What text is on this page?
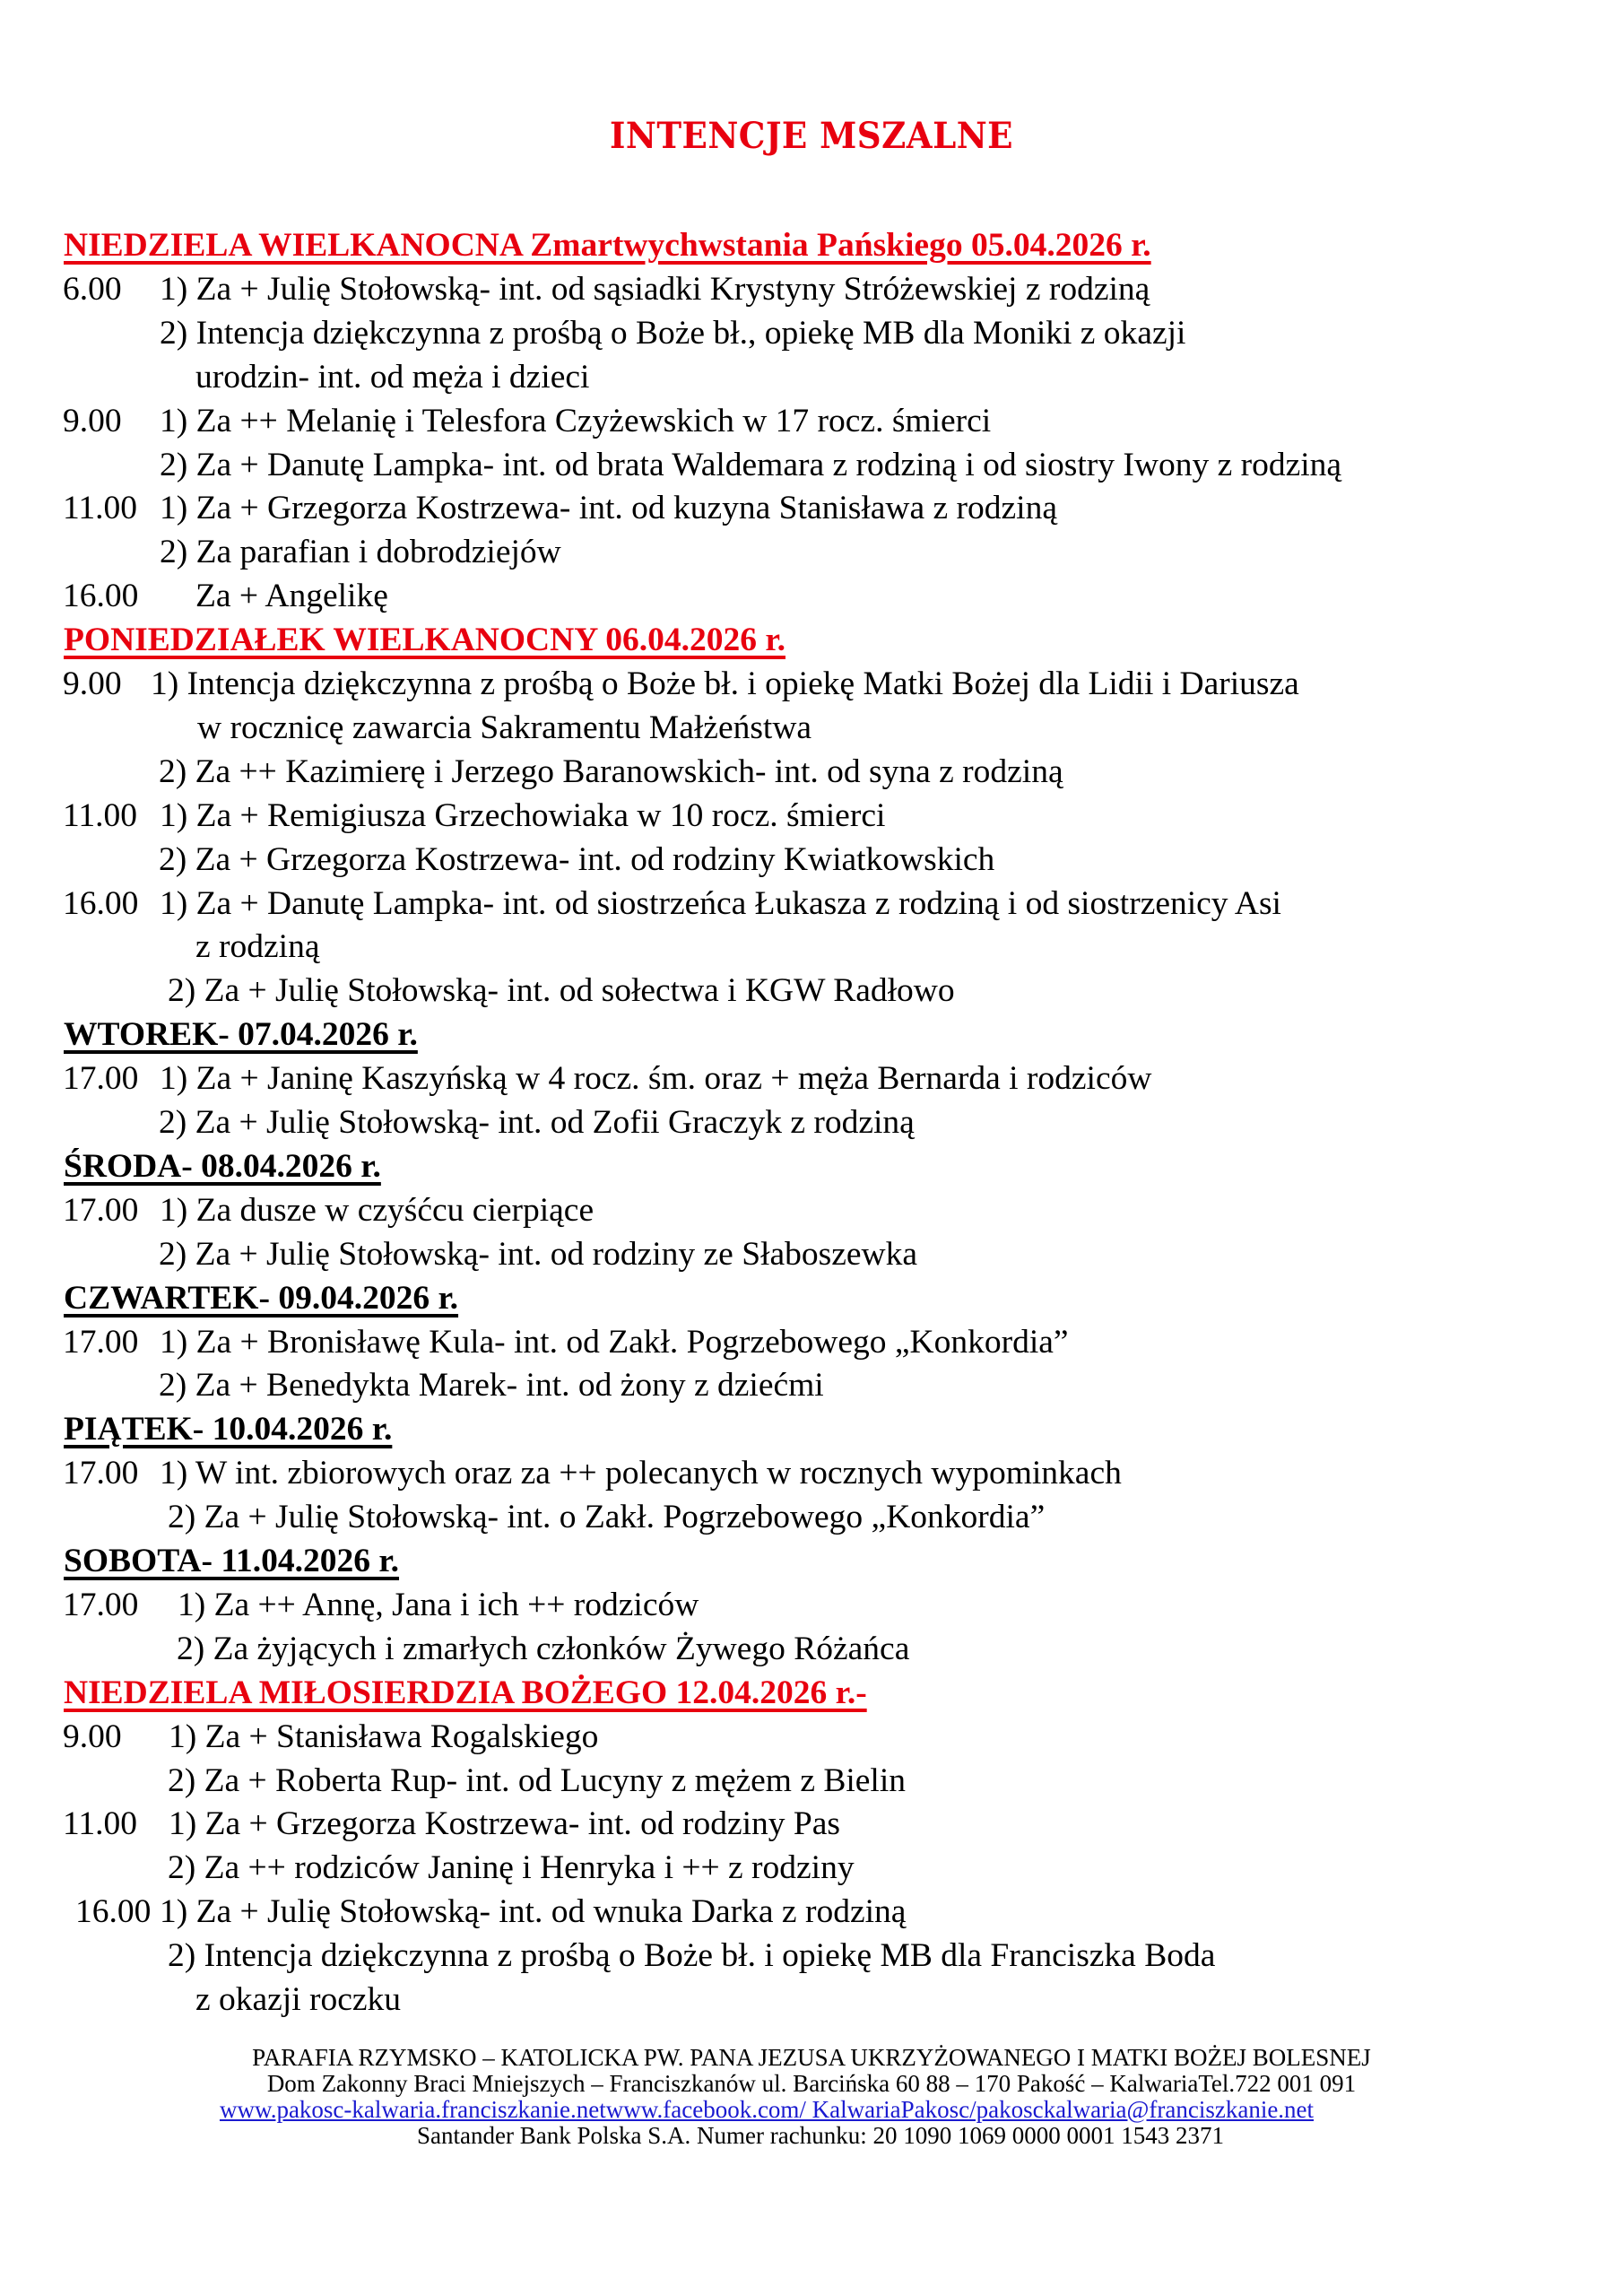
INTENCJE MSZALNE
NIEDZIELA WIELKANOCNA Zmartwychwstania Pańskiego 05.04.2026 r.
6.00 1) Za + Julię Stołowską- int. od sąsiadki Krystyny Stróżewskiej z rodziną
2) Intencja dziękczynna z prośbą o Boże bł., opiekę MB dla Moniki z okazji
urodzin- int. od męża i dzieci
9.00 1) Za ++ Melanię i Telesfora Czyżewskich w 17 rocz. śmierci
2) Za + Danutę Lampka- int. od brata Waldemara z rodziną i od siostry Iwony z rodziną
11.00 1) Za + Grzegorza Kostrzewa- int. od kuzyna Stanisława z rodziną
2) Za parafian i dobrodziejów
16.00 Za + Angelikę
PONIEDZIAŁEK WIELKANOCNY 06.04.2026 r.
9.00 1) Intencja dziękczynna z prośbą o Boże bł. i opiekę Matki Bożej dla Lidii i Dariusza
w rocznicę zawarcia Sakramentu Małżeństwa
2) Za ++ Kazimierę i Jerzego Baranowskich- int. od syna z rodziną
11.00 1) Za + Remigiusza Grzechowiaka w 10 rocz. śmierci
2) Za + Grzegorza Kostrzewa- int. od rodziny Kwiatkowskich
16.00 1) Za + Danutę Lampka- int. od siostrzeńca Łukasza z rodziną i od siostrzenicy Asi
z rodziną
2) Za + Julię Stołowską- int. od sołectwa i KGW Radłowo
WTOREK- 07.04.2026 r.
17.00 1) Za + Janinę Kaszyńską w 4 rocz. śm. oraz + męża Bernarda i rodziców
2) Za + Julię Stołowską- int. od Zofii Graczyk z rodziną
ŚRODA- 08.04.2026 r.
17.00 1) Za dusze w czyśćcu cierpiące
2) Za + Julię Stołowską- int. od rodziny ze Słaboszewka
CZWARTEK- 09.04.2026 r.
17.00 1) Za + Bronisławę Kula- int. od Zakł. Pogrzebowego „Konkordia”
2) Za + Benedykta Marek- int. od żony z dziećmi
PIĄTEK- 10.04.2026 r.
17.00 1) W int. zbiorowych oraz za ++ polecanych w rocznych wypominkach
2) Za + Julię Stołowską- int. o Zakł. Pogrzebowego „Konkordia”
SOBOTA- 11.04.2026 r.
17.00 1) Za ++ Annę, Jana i ich ++ rodziców
2) Za żyjących i zmarłych członków Żywego Różańca
NIEDZIELA MIŁOSIERDZIA BOŻEGO 12.04.2026 r.-
9.00 1) Za + Stanisława Rogalskiego
2) Za + Roberta Rup- int. od Lucyny z mężem z Bielin
11.00 1) Za + Grzegorza Kostrzewa- int. od rodziny Pas
2) Za ++ rodziców Janinę i Henryka i ++ z rodziny
16.00 1) Za + Julię Stołowską- int. od wnuka Darka z rodziną
2) Intencja dziękczynna z prośbą o Boże bł. i opiekę MB dla Franciszka Boda
z okazji roczku
PARAFIA RZYMSKO – KATOLICKA PW. PANA JEZUSA UKRZYŻOWANEGO I MATKI BOŻEJ BOLESNEJ
Dom Zakonny Braci Mniejszych – Franciszkanów ul. Barcińska 60 88 – 170 Pakość – KalwariaTel.722 001 091
www.pakosc-kalwaria.franciszkanie.netwww.facebook.com/ KalwariaPakosc/pakosckalwaria@franciszkanie.net
Santander Bank Polska S.A. Numer rachunku: 20 1090 1069 0000 0001 1543 2371
